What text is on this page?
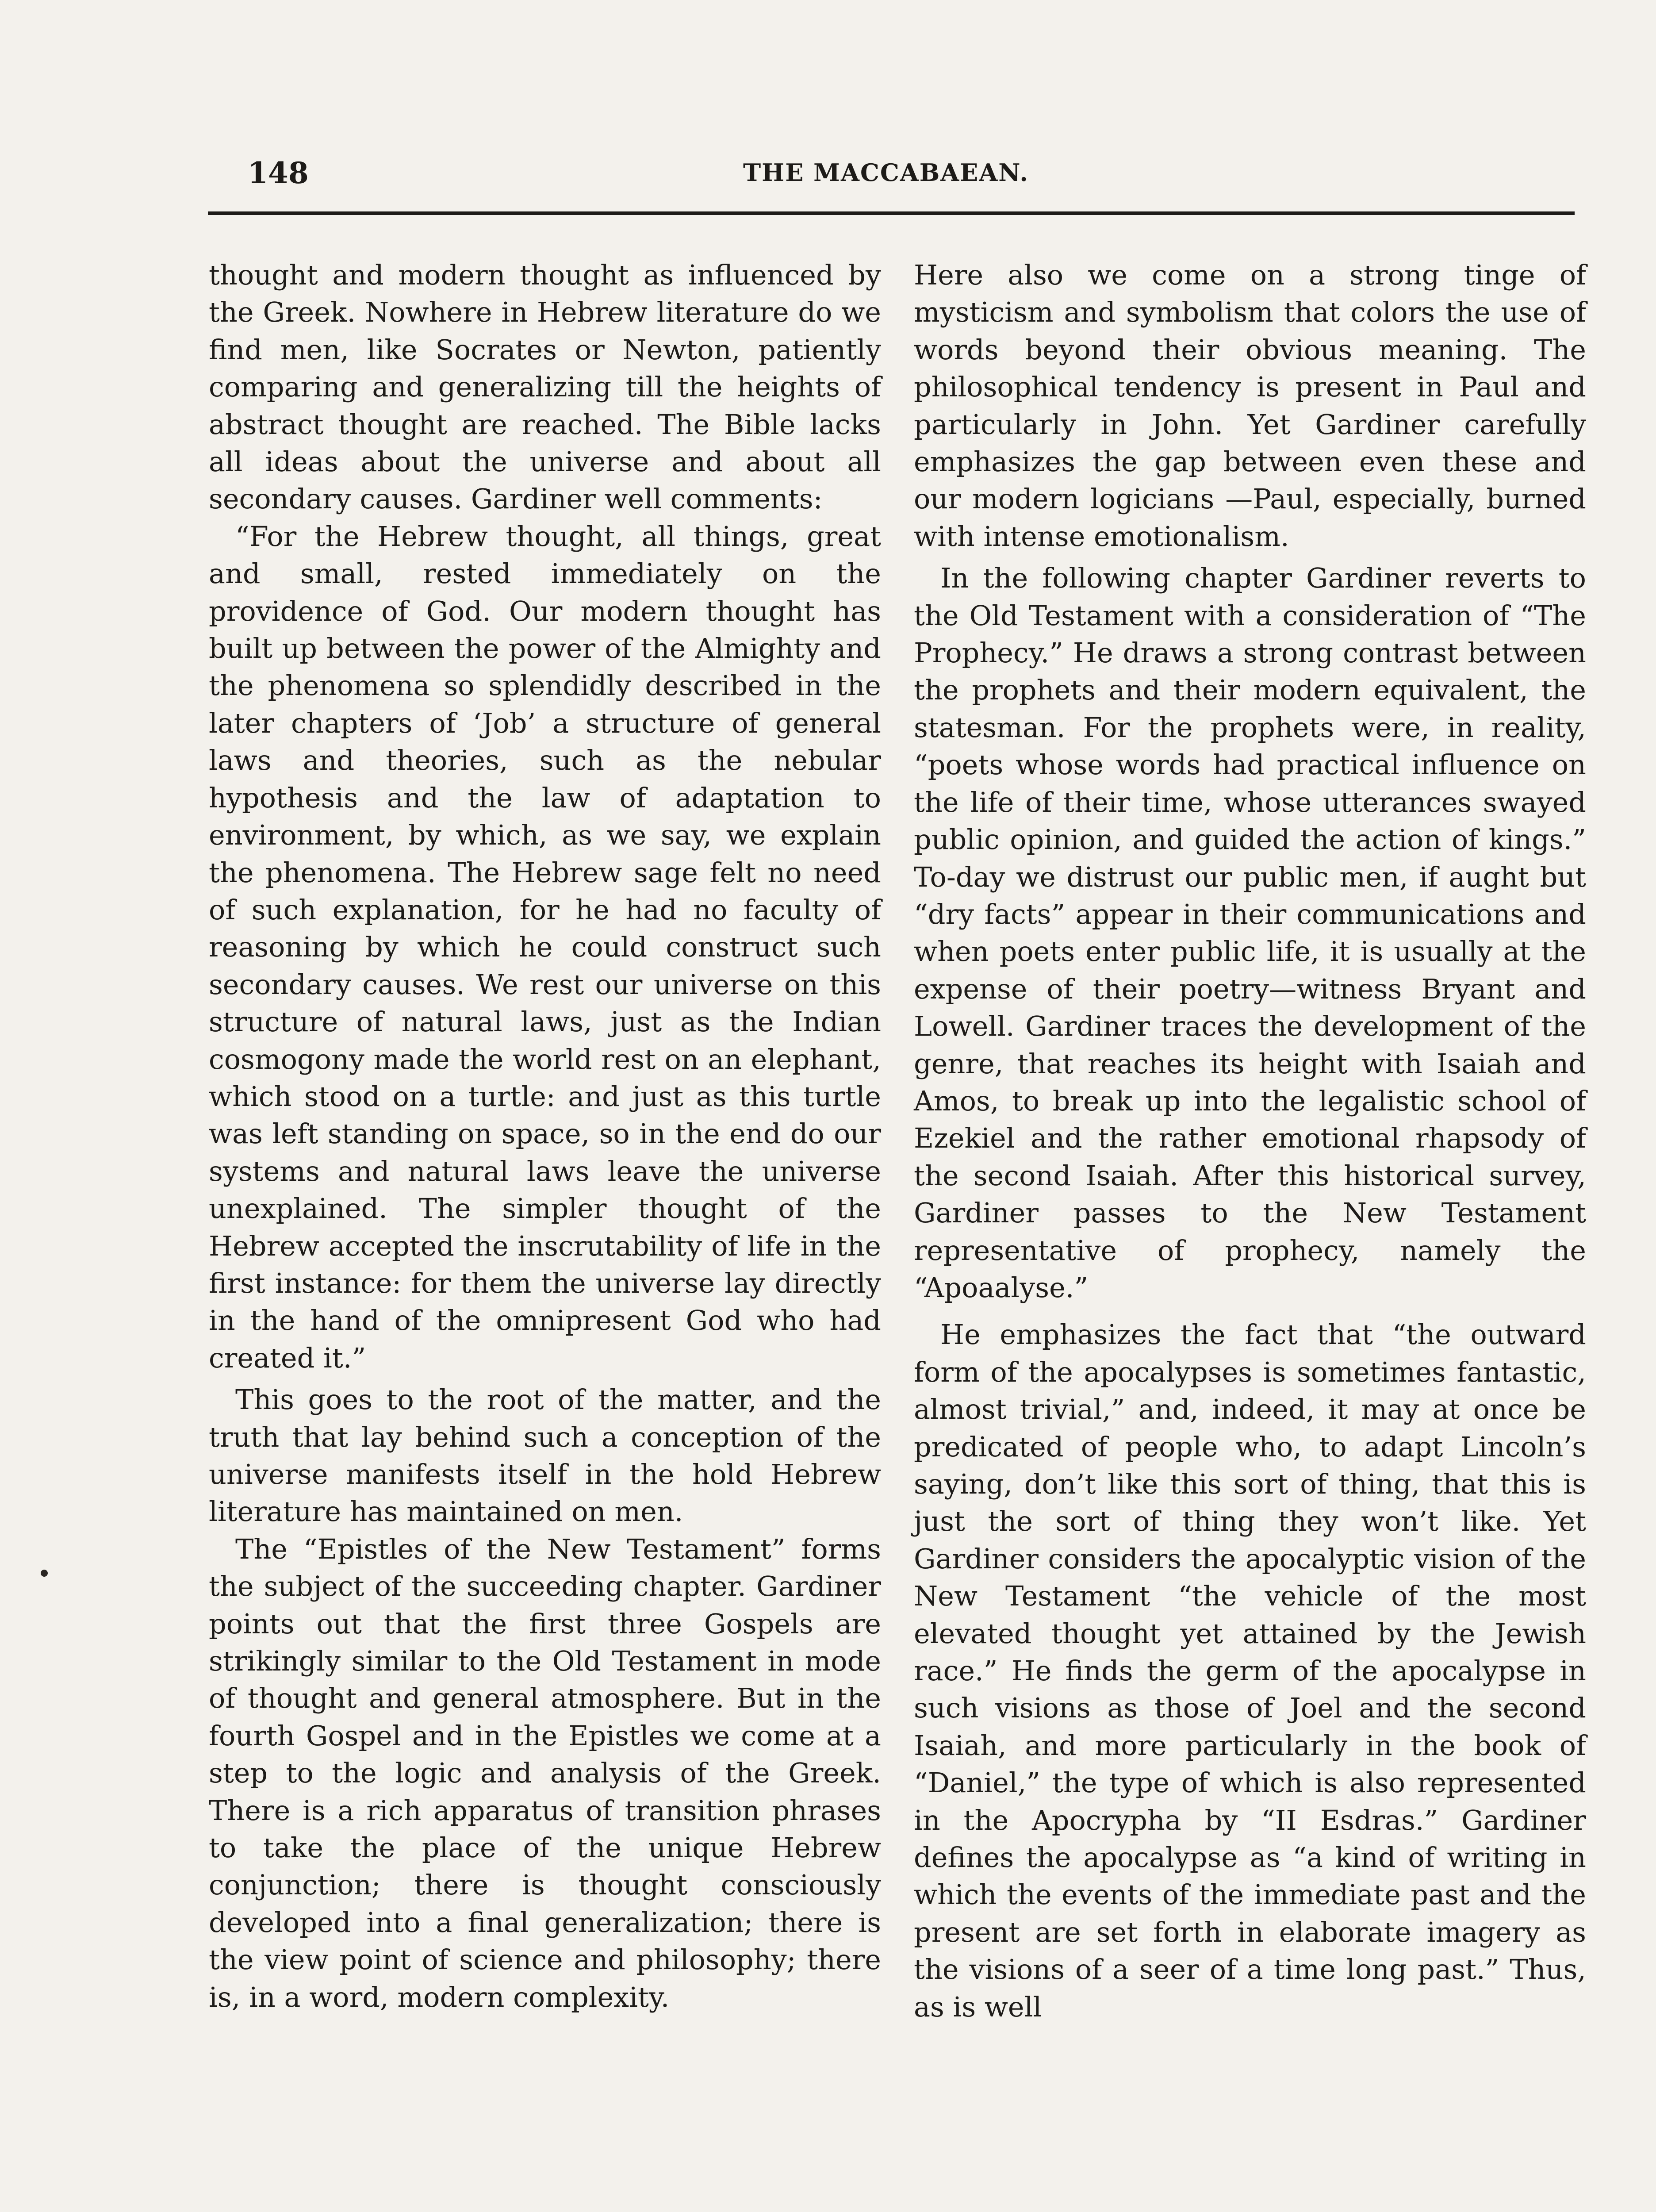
148	THE MACCABAEAN.

thought and modern thought as influenced by the Greek. Nowhere in Hebrew literature do we find men, like Socrates or Newton, patiently comparing and generalizing till the heights of abstract thought are reached. The Bible lacks all ideas about the universe and about all secondary causes. Gardiner well comments:

“For the Hebrew thought, all things, great and small, rested immediately on the providence of God. Our modern thought has built up between the power of the Almighty and the phenomena so splendidly described in the later chapters of ‘Job’ a structure of general laws and theories, such as the nebular hypothesis and the law of adaptation to environment, by which, as we say, we explain the phenomena. The Hebrew sage felt no need of such explanation, for he had no faculty of reasoning by which he could construct such secondary causes. We rest our universe on this structure of natural laws, just as the Indian cosmogony made the world rest on an elephant, which stood on a turtle: and just as this turtle was left standing on space, so in the end do our systems and natural laws leave the universe unexplained. The simpler thought of the Hebrew accepted the inscrutability of life in the first instance: for them the universe lay directly in the hand of the omnipresent God who had created it.”

This goes to the root of the matter, and the truth that lay behind such a conception of the universe manifests itself in the hold Hebrew literature has maintained on men.

The “Epistles of the New Testament” forms the subject of the succeeding chapter. Gardiner points out that the first three Gospels are strikingly similar to the Old Testament in mode of thought and general atmosphere. But in the fourth Gospel and in the Epistles we come at a step to the logic and analysis of the Greek. There is a rich apparatus of transition phrases to take the place of the unique Hebrew conjunction; there is thought consciously developed into a final generalization; there is the view point of science and philosophy; there is, in a word, modern complexity.

Here also we come on a strong tinge of mysticism and symbolism that colors the use of words beyond their obvious meaning. The philosophical tendency is present in Paul and particularly in John. Yet Gardiner carefully emphasizes the gap between even these and our modern logicians —Paul, especially, burned with intense emotionalism.

In the following chapter Gardiner reverts to the Old Testament with a consideration of “The Prophecy.” He draws a strong contrast between the prophets and their modern equivalent, the statesman. For the prophets were, in reality, “poets whose words had practical influence on the life of their time, whose utterances swayed public opinion, and guided the action of kings.” To-day we distrust our public men, if aught but “dry facts” appear in their communications and when poets enter public life, it is usually at the expense of their poetry—witness Bryant and Lowell. Gardiner traces the development of the genre, that reaches its height with Isaiah and Amos, to break up into the legalistic school of Ezekiel and the rather emotional rhapsody of the second Isaiah. After this historical survey, Gardiner passes to the New Testament representative of prophecy, namely the “Apoaalyse.”

He emphasizes the fact that “the outward form of the apocalypses is sometimes fantastic, almost trivial,” and, indeed, it may at once be predicated of people who, to adapt Lincoln’s saying, don’t like this sort of thing, that this is just the sort of thing they won’t like. Yet Gardiner considers the apocalyptic vision of the New Testament “the vehicle of the most elevated thought yet attained by the Jewish race.” He finds the germ of the apocalypse in such visions as those of Joel and the second Isaiah, and more particularly in the book of “Daniel,” the type of which is also represented in the Apocrypha by “II Esdras.” Gardiner defines the apocalypse as “a kind of writing in which the events of the immediate past and the present are set forth in elaborate imagery as the visions of a seer of a time long past.” Thus, as is well
